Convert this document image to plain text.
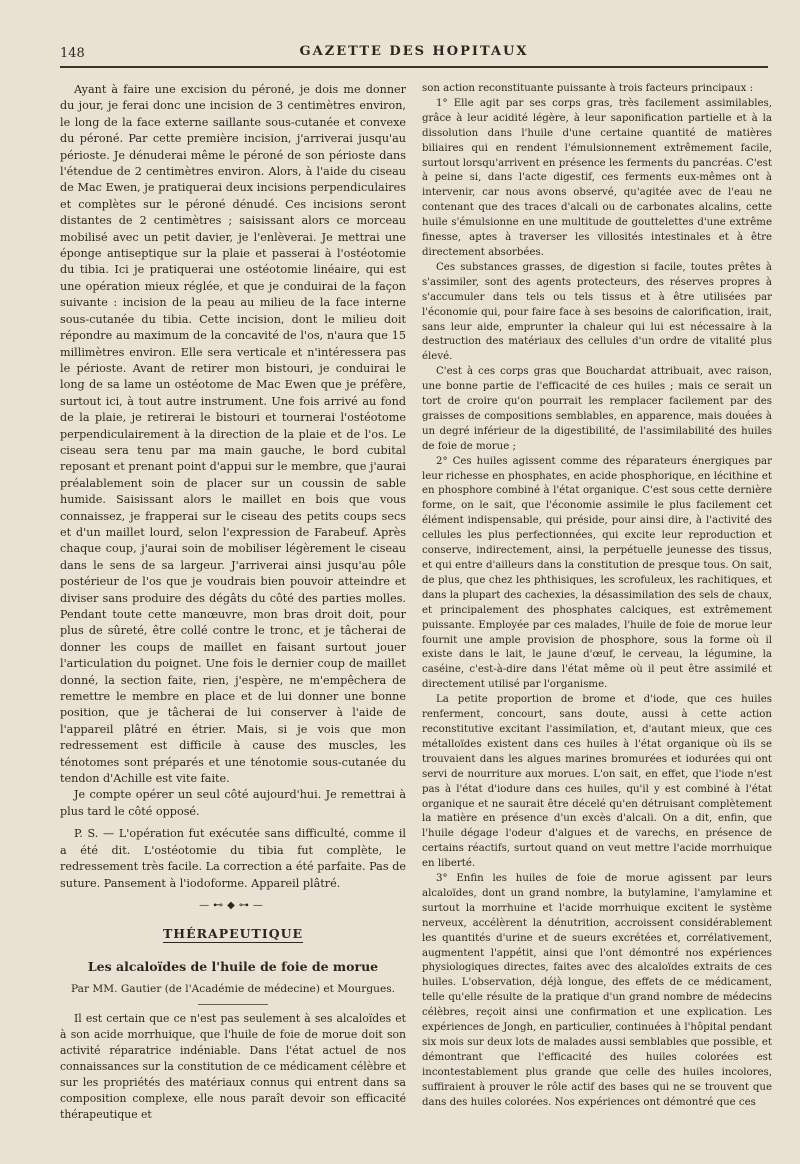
148	GAZETTE DES HOPITAUX

Ayant à faire une excision du péroné, je dois me donner du jour, je ferai donc une incision de 3 centimètres environ, le long de la face externe saillante sous-cutanée et convexe du péroné. Par cette première incision, j'arriverai jusqu'au périoste. Je dénuderai même le péroné de son périoste dans l'étendue de 2 centimètres environ. Alors, à l'aide du ciseau de Mac Ewen, je pratiquerai deux incisions perpendiculaires et complètes sur le péroné dénudé. Ces incisions seront distantes de 2 centimètres ; saisissant alors ce morceau mobilisé avec un petit davier, je l'enlèverai. Je mettrai une éponge antiseptique sur la plaie et passerai à l'ostéotomie du tibia. Ici je pratiquerai une ostéotomie linéaire, qui est une opération mieux réglée, et que je conduirai de la façon suivante : incision de la peau au milieu de la face interne sous-cutanée du tibia. Cette incision, dont le milieu doit répondre au maximum de la concavité de l'os, n'aura que 15 millimètres environ. Elle sera verticale et n'intéressera pas le périoste. Avant de retirer mon bistouri, je conduirai le long de sa lame un ostéotome de Mac Ewen que je préfère, surtout ici, à tout autre instrument. Une fois arrivé au fond de la plaie, je retirerai le bistouri et tournerai l'ostéotome perpendiculairement à la direction de la plaie et de l'os. Le ciseau sera tenu par ma main gauche, le bord cubital reposant et prenant point d'appui sur le membre, que j'aurai préalablement soin de placer sur un coussin de sable humide. Saisissant alors le maillet en bois que vous connaissez, je frapperai sur le ciseau des petits coups secs et d'un maillet lourd, selon l'expression de Farabeuf. Après chaque coup, j'aurai soin de mobiliser légèrement le ciseau dans le sens de sa largeur. J'arriverai ainsi jusqu'au pôle postérieur de l'os que je voudrais bien pouvoir atteindre et diviser sans produire des dégâts du côté des parties molles. Pendant toute cette manœuvre, mon bras droit doit, pour plus de sûreté, être collé contre le tronc, et je tâcherai de donner les coups de maillet en faisant surtout jouer l'articulation du poignet. Une fois le dernier coup de maillet donné, la section faite, rien, j'espère, ne m'empêchera de remettre le membre en place et de lui donner une bonne position, que je tâcherai de lui conserver à l'aide de l'appareil plâtré en étrier. Mais, si je vois que mon redressement est difficile à cause des muscles, les ténotomes sont préparés et une ténotomie sous-cutanée du tendon d'Achille est vite faite.

Je compte opérer un seul côté aujourd'hui. Je remettrai à plus tard le côté opposé.

P. S. — L'opération fut exécutée sans difficulté, comme il a été dit. L'ostéotomie du tibia fut complète, le redressement très facile. La correction a été parfaite. Pas de suture. Pansement à l'iodoforme. Appareil plâtré.

—⊷◆⊶—
THÉRAPEUTIQUE
Les alcaloïdes de l'huile de foie de morue
Par MM. Gautier (de l'Académie de médecine) et Mourgues.

Il est certain que ce n'est pas seulement à ses alcaloïdes et à son acide morrhuique, que l'huile de foie de morue doit son activité réparatrice indéniable. Dans l'état actuel de nos connaissances sur la constitution de ce médicament célèbre et sur les propriétés des matériaux connus qui entrent dans sa composition complexe, elle nous paraît devoir son efficacité thérapeutique et

son action reconstituante puissante à trois facteurs principaux :

1° Elle agit par ses corps gras, très facilement assimilables, grâce à leur acidité légère, à leur saponification partielle et à la dissolution dans l'huile d'une certaine quantité de matières biliaires qui en rendent l'émulsionnement extrêmement facile, surtout lorsqu'arrivent en présence les ferments du pancréas. C'est à peine si, dans l'acte digestif, ces ferments eux-mêmes ont à intervenir, car nous avons observé, qu'agitée avec de l'eau ne contenant que des traces d'alcali ou de carbonates alcalins, cette huile s'émulsionne en une multitude de gouttelettes d'une extrême finesse, aptes à traverser les villosités intestinales et à être directement absorbées.

Ces substances grasses, de digestion si facile, toutes prêtes à s'assimiler, sont des agents protecteurs, des réserves propres à s'accumuler dans tels ou tels tissus et à être utilisées par l'économie qui, pour faire face à ses besoins de calorification, irait, sans leur aide, emprunter la chaleur qui lui est nécessaire à la destruction des matériaux des cellules d'un ordre de vitalité plus élevé.

C'est à ces corps gras que Bouchardat attribuait, avec raison, une bonne partie de l'efficacité de ces huiles ; mais ce serait un tort de croire qu'on pourrait les remplacer facilement par des graisses de compositions semblables, en apparence, mais douées à un degré inférieur de la digestibilité, de l'assimilabilité des huiles de foie de morue ;

2° Ces huiles agissent comme des réparateurs énergiques par leur richesse en phosphates, en acide phosphorique, en lécithine et en phosphore combiné à l'état organique. C'est sous cette dernière forme, on le sait, que l'économie assimile le plus facilement cet élément indispensable, qui préside, pour ainsi dire, à l'activité des cellules les plus perfectionnées, qui excite leur reproduction et conserve, indirectement, ainsi, la perpétuelle jeunesse des tissus, et qui entre d'ailleurs dans la constitution de presque tous. On sait, de plus, que chez les phthisiques, les scrofuleux, les rachitiques, et dans la plupart des cachexies, la désassimilation des sels de chaux, et principalement des phosphates calciques, est extrêmement puissante. Employée par ces malades, l'huile de foie de morue leur fournit une ample provision de phosphore, sous la forme où il existe dans le lait, le jaune d'œuf, le cerveau, la légumine, la caséine, c'est-à-dire dans l'état même où il peut être assimilé et directement utilisé par l'organisme.

La petite proportion de brome et d'iode, que ces huiles renferment, concourt, sans doute, aussi à cette action reconstitutive excitant l'assimilation, et, d'autant mieux, que ces métalloïdes existent dans ces huiles à l'état organique où ils se trouvaient dans les algues marines bromurées et iodurées qui ont servi de nourriture aux morues. L'on sait, en effet, que l'iode n'est pas à l'état d'iodure dans ces huiles, qu'il y est combiné à l'état organique et ne saurait être décelé qu'en détruisant complètement la matière en présence d'un excès d'alcali. On a dit, enfin, que l'huile dégage l'odeur d'algues et de varechs, en présence de certains réactifs, surtout quand on veut mettre l'acide morrhuique en liberté.

3° Enfin les huiles de foie de morue agissent par leurs alcaloïdes, dont un grand nombre, la butylamine, l'amylamine et surtout la morrhuine et l'acide morrhuique excitent le système nerveux, accélèrent la dénutrition, accroissent considérablement les quantités d'urine et de sueurs excrétées et, corrélativement, augmentent l'appétit, ainsi que l'ont démontré nos expériences physiologiques directes, faites avec des alcaloïdes extraits de ces huiles. L'observation, déjà longue, des effets de ce médicament, telle qu'elle résulte de la pratique d'un grand nombre de médecins célèbres, reçoit ainsi une confirmation et une explication. Les expériences de Jongh, en particulier, continuées à l'hôpital pendant six mois sur deux lots de malades aussi semblables que possible, et démontrant que l'efficacité des huiles colorées est incontestablement plus grande que celle des huiles incolores, suffiraient à prouver le rôle actif des bases qui ne se trouvent que dans des huiles colorées. Nos expériences ont démontré que ces
